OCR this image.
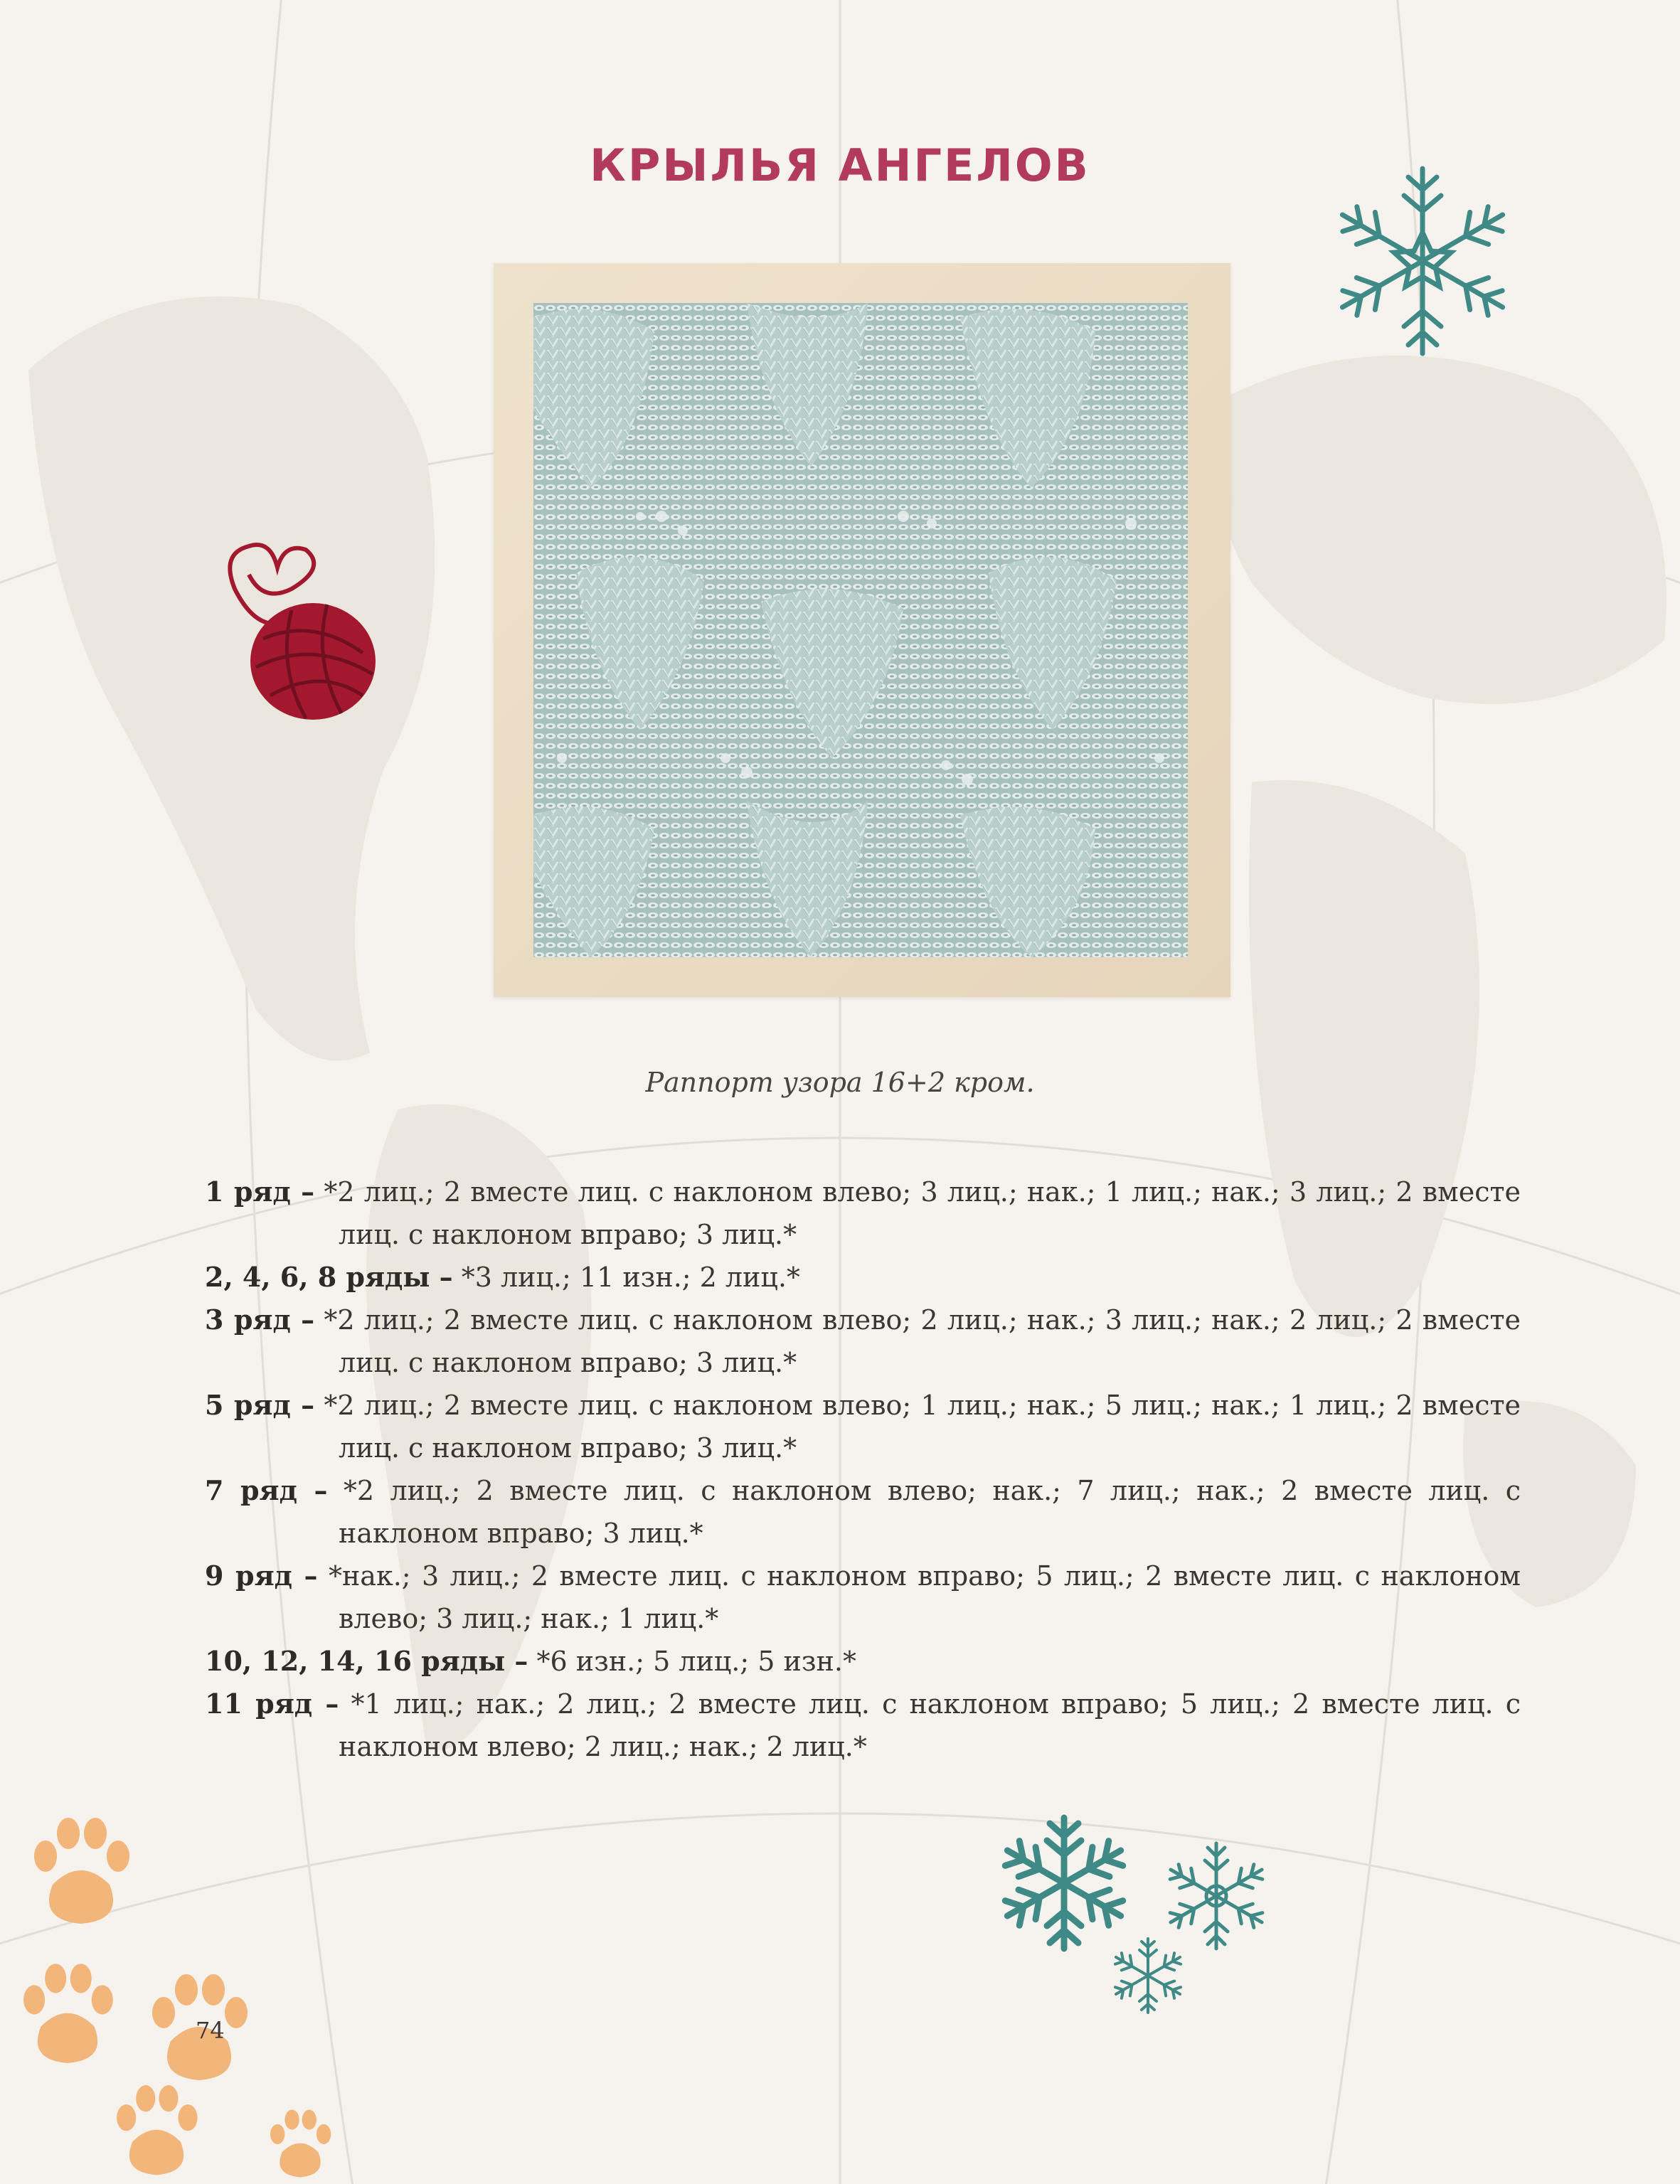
КРЫЛЬЯ АНГЕЛОВ
Раппорт узора 16+2 кром.

1 ряд – *2 лиц.; 2 вместе лиц. с наклоном влево; 3 лиц.; нак.; 1 лиц.; нак.; 3 лиц.; 2 вместе лиц. с наклоном вправо; 3 лиц.*

2, 4, 6, 8 ряды – *3 лиц.; 11 изн.; 2 лиц.*

3 ряд – *2 лиц.; 2 вместе лиц. с наклоном влево; 2 лиц.; нак.; 3 лиц.; нак.; 2 лиц.; 2 вместе лиц. с наклоном вправо; 3 лиц.*

5 ряд – *2 лиц.; 2 вместе лиц. с наклоном влево; 1 лиц.; нак.; 5 лиц.; нак.; 1 лиц.; 2 вместе лиц. с наклоном вправо; 3 лиц.*

7 ряд – *2 лиц.; 2 вместе лиц. с наклоном влево; нак.; 7 лиц.; нак.; 2 вместе лиц. с наклоном вправо; 3 лиц.*

9 ряд – *нак.; 3 лиц.; 2 вместе лиц. с наклоном вправо; 5 лиц.; 2 вместе лиц. с наклоном влево; 3 лиц.; нак.; 1 лиц.*

10, 12, 14, 16 ряды – *6 изн.; 5 лиц.; 5 изн.*

11 ряд – *1 лиц.; нак.; 2 лиц.; 2 вместе лиц. с наклоном вправо; 5 лиц.; 2 вместе лиц. с наклоном влево; 2 лиц.; нак.; 2 лиц.*

74
